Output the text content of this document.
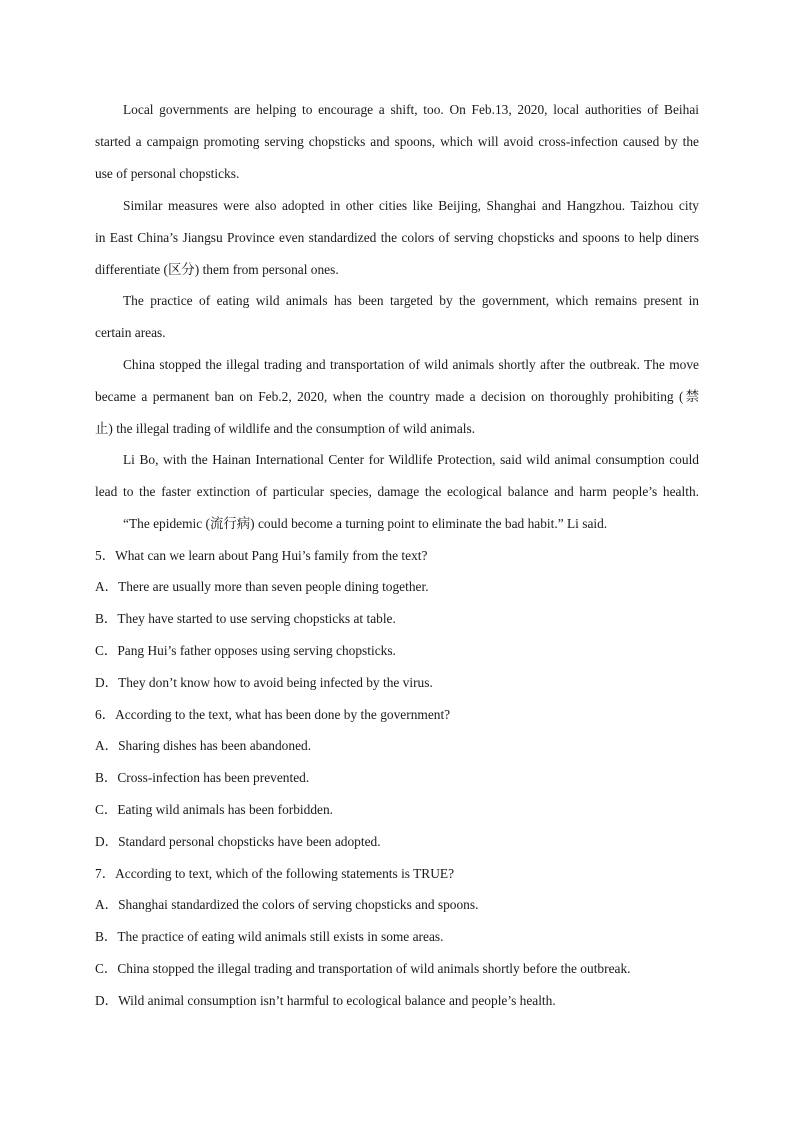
Local governments are helping to encourage a shift, too. On Feb.13, 2020, local authorities of Beihai
started a campaign promoting serving chopsticks and spoons, which will avoid cross-infection caused by the
use of personal chopsticks.
Similar measures were also adopted in other cities like Beijing, Shanghai and Hangzhou. Taizhou city
in East China’s Jiangsu Province even standardized the colors of serving chopsticks and spoons to help diners
differentiate (区分) them from personal ones.
The practice of eating wild animals has been targeted by the government, which remains present in
certain areas.
China stopped the illegal trading and transportation of wild animals shortly after the outbreak. The move
became a permanent ban on Feb.2, 2020, when the country made a decision on thoroughly prohibiting (禁
止) the illegal trading of wildlife and the consumption of wild animals.
Li Bo, with the Hainan International Center for Wildlife Protection, said wild animal consumption could
lead to the faster extinction of particular species, damage the ecological balance and harm people’s health.
“The epidemic (流行病) could become a turning point to eliminate the bad habit.” Li said.
5．What can we learn about Pang Hui’s family from the text?
A．There are usually more than seven people dining together.
B．They have started to use serving chopsticks at table.
C．Pang Hui’s father opposes using serving chopsticks.
D．They don’t know how to avoid being infected by the virus.
6．According to the text, what has been done by the government?
A．Sharing dishes has been abandoned.
B．Cross-infection has been prevented.
C．Eating wild animals has been forbidden.
D．Standard personal chopsticks have been adopted.
7．According to text, which of the following statements is TRUE?
A．Shanghai standardized the colors of serving chopsticks and spoons.
B．The practice of eating wild animals still exists in some areas.
C．China stopped the illegal trading and transportation of wild animals shortly before the outbreak.
D．Wild animal consumption isn’t harmful to ecological balance and people’s health.
